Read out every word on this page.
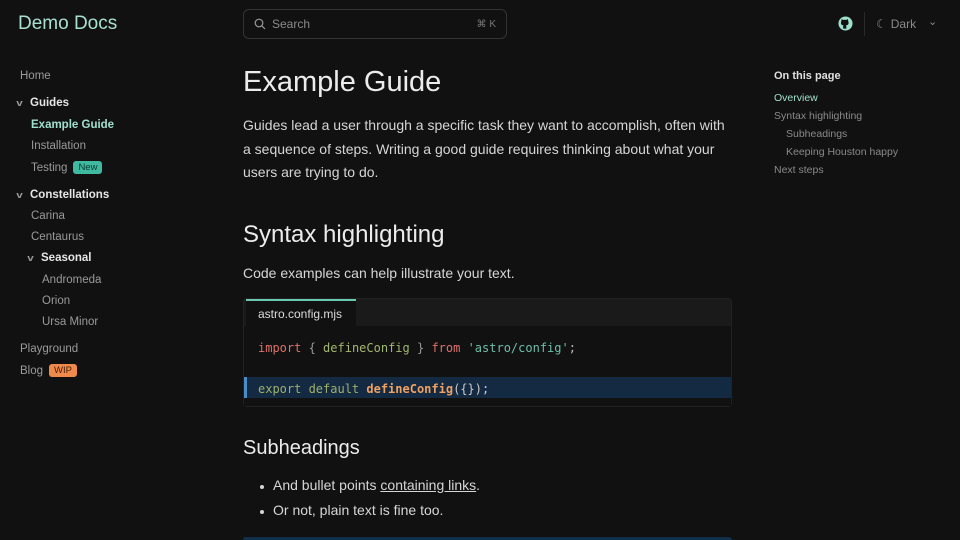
Demo Docs	Search	⌘ K	☾ Dark ⌄
Home
v Guides
Example Guide
Installation
Testing	New
v Constellations
Carina
Centaurus
v Seasonal
Andromeda
Orion
Ursa Minor
Playground
Blog	WIP
Example Guide

Guides lead a user through a specific task they want to accomplish, often with a sequence of steps. Writing a good guide requires thinking about what your users are trying to do.

Syntax highlighting

Code examples can help illustrate your text.

astro.config.mjs
import { defineConfig } from 'astro/config';
export default defineConfig({});
Subheadings
And bullet points containing links.
Or not, plain text is fine too.
On this page
Overview
Syntax highlighting
Subheadings
Keeping Houston happy
Next steps
